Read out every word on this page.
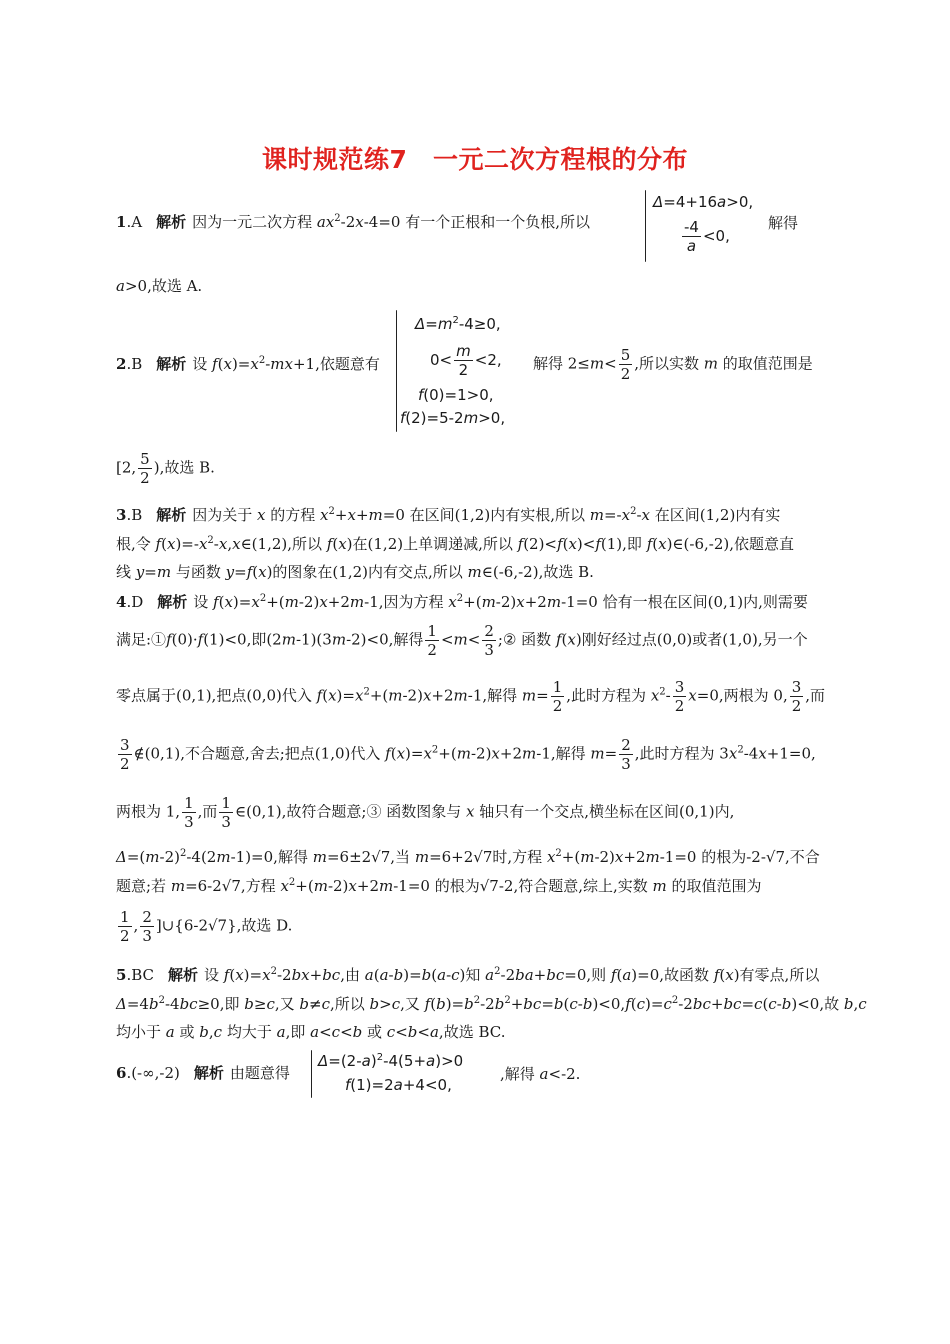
课时规范练7　一元二次方程根的分布
1.A 解析 因为一元二次方程 $ax^2-2x-4=0$ 有一个正根和一个负根,所以
Δ=4+16a>0,
$\frac{-4}{a} <0$,
解得
a>0,故选 A.
$\Delta=m^2-4\ge 0$,
$0< \frac{m}{2} <2$,
f(0)=1>0,
f(2)=5-2m>0,
2.B 解析 设 $f(x)=x^2-mx+1$,依题意有	解得 $2\le m< \frac{5}{2}$ ,所以实数 m 的取值范围是
[2, $\frac{5}{2}$ ),故选 B.
3.B 解析 因为关于 x 的方程 $x^2+x+m=0$ 在区间(1,2)内有实根,所以 $m=-x^2-x$ 在区间(1,2)内有实
根,令 $f(x)=-x^2-x,x\in(1,2)$,所以 f(x)在(1,2)上单调递减,所以 f(2)<f(x)<f(1),即 f(x)∈(-6,-2),依题意直
线 y=m 与函数 y=f(x)的图象在(1,2)内有交点,所以 m∈(-6,-2),故选 B.
4.D 解析 设 $f(x)=x^2+(m-2)x+2m-1$,因为方程 $x^2+(m-2)x+2m-1=0$ 恰有一根在区间(0,1)内,则需要
满足:①f(0)·f(1)<0,即(2m-1)(3m-2)<0,解得 $\frac{1}{2} <m< \frac{2}{3}$ ;② 函数 f(x)刚好经过点(0,0)或者(1,0),另一个
零点属于(0,1),把点(0,0)代入 $f(x)=x^2+(m-2)x+2m-1$,解得 $m= \frac{1}{2}$ ,此时方程为 $x^2- \frac{3}{2} x=0$,两根为 0, $\frac{3}{2}$ ,而
$\frac{3}{2}$ ∉(0,1),不合题意,舍去;把点(1,0)代入 $f(x)=x^2+(m-2)x+2m-1$,解得 $m= \frac{2}{3}$ ,此时方程为 $3x^2-4x+1=0$,
两根为 1, $\frac{1}{3}$ ,而 $\frac{1}{3}$ ∈(0,1),故符合题意;③ 函数图象与 x 轴只有一个交点,横坐标在区间(0,1)内,
$\Delta=(m-2)^2-4(2m-1)=0$,解得 m=6±2√7,当 m=6+2√7时,方程 $x^2+(m-2)x+2m-1=0$ 的根为-2-√7,不合
题意;若 m=6-2√7,方程 $x^2+(m-2)x+2m-1=0$ 的根为√7-2,符合题意,综上,实数 m 的取值范围为
$\frac{1}{2}$ , $\frac{2}{3}$ ]∪{6-2√7},故选 D.
5.BC 解析 设 $f(x)=x^2-2bx+bc$,由 a(a-b)=b(a-c)知 $a^2-2ba+bc=0$,则 f(a)=0,故函数 f(x)有零点,所以
$\Delta=4b^2-4bc\ge 0$,即 b≥c,又 b≠c,所以 b>c,又 $f(b)=b^2-2b^2+bc=b(c-b)<0,f(c)=c^2-2bc+bc=c(c-b)<0$,故 b,c
均小于 a 或 b,c 均大于 a,即 a<c<b 或 c<b<a,故选 BC.
6.(-∞,-2) 解析 由题意得
$\Delta=(2-a)^2-4(5+a)>0$
f(1)=2a+4<0,
,解得 a<-2.
